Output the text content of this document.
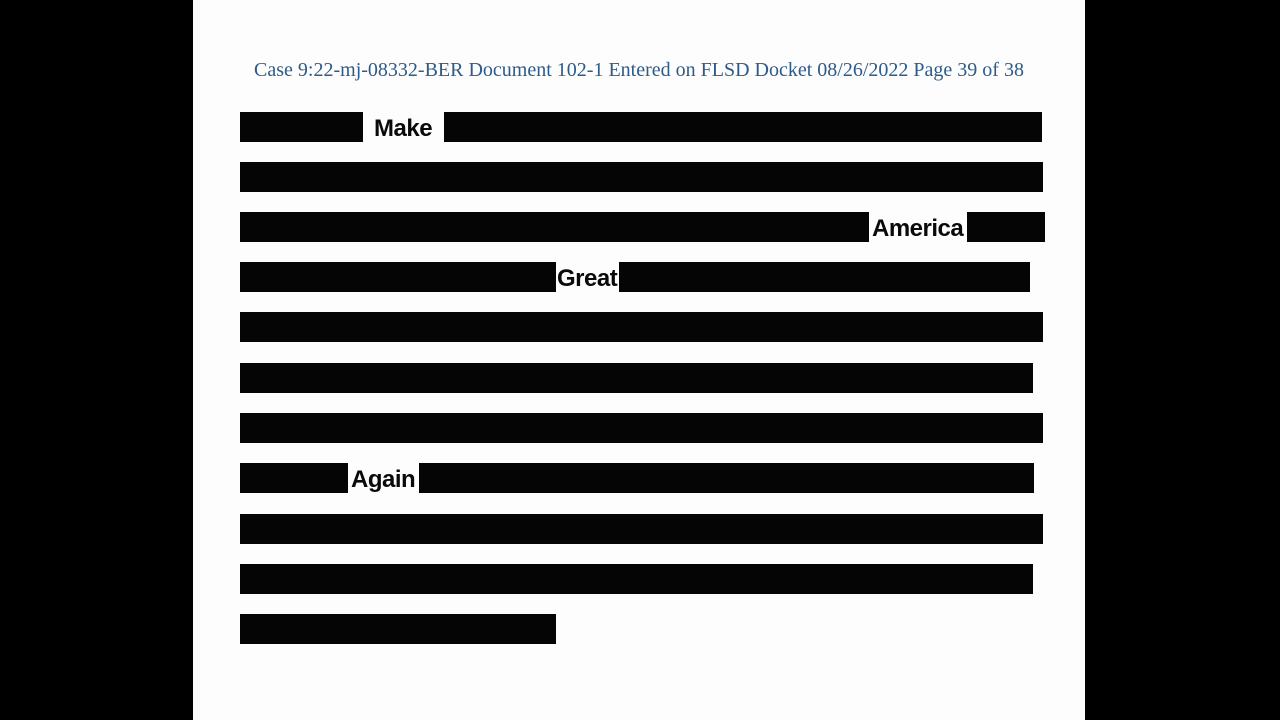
Case 9:22-mj-08332-BER Document 102-1 Entered on FLSD Docket 08/26/2022 Page 39 of 38
Make
America
Great
Again
